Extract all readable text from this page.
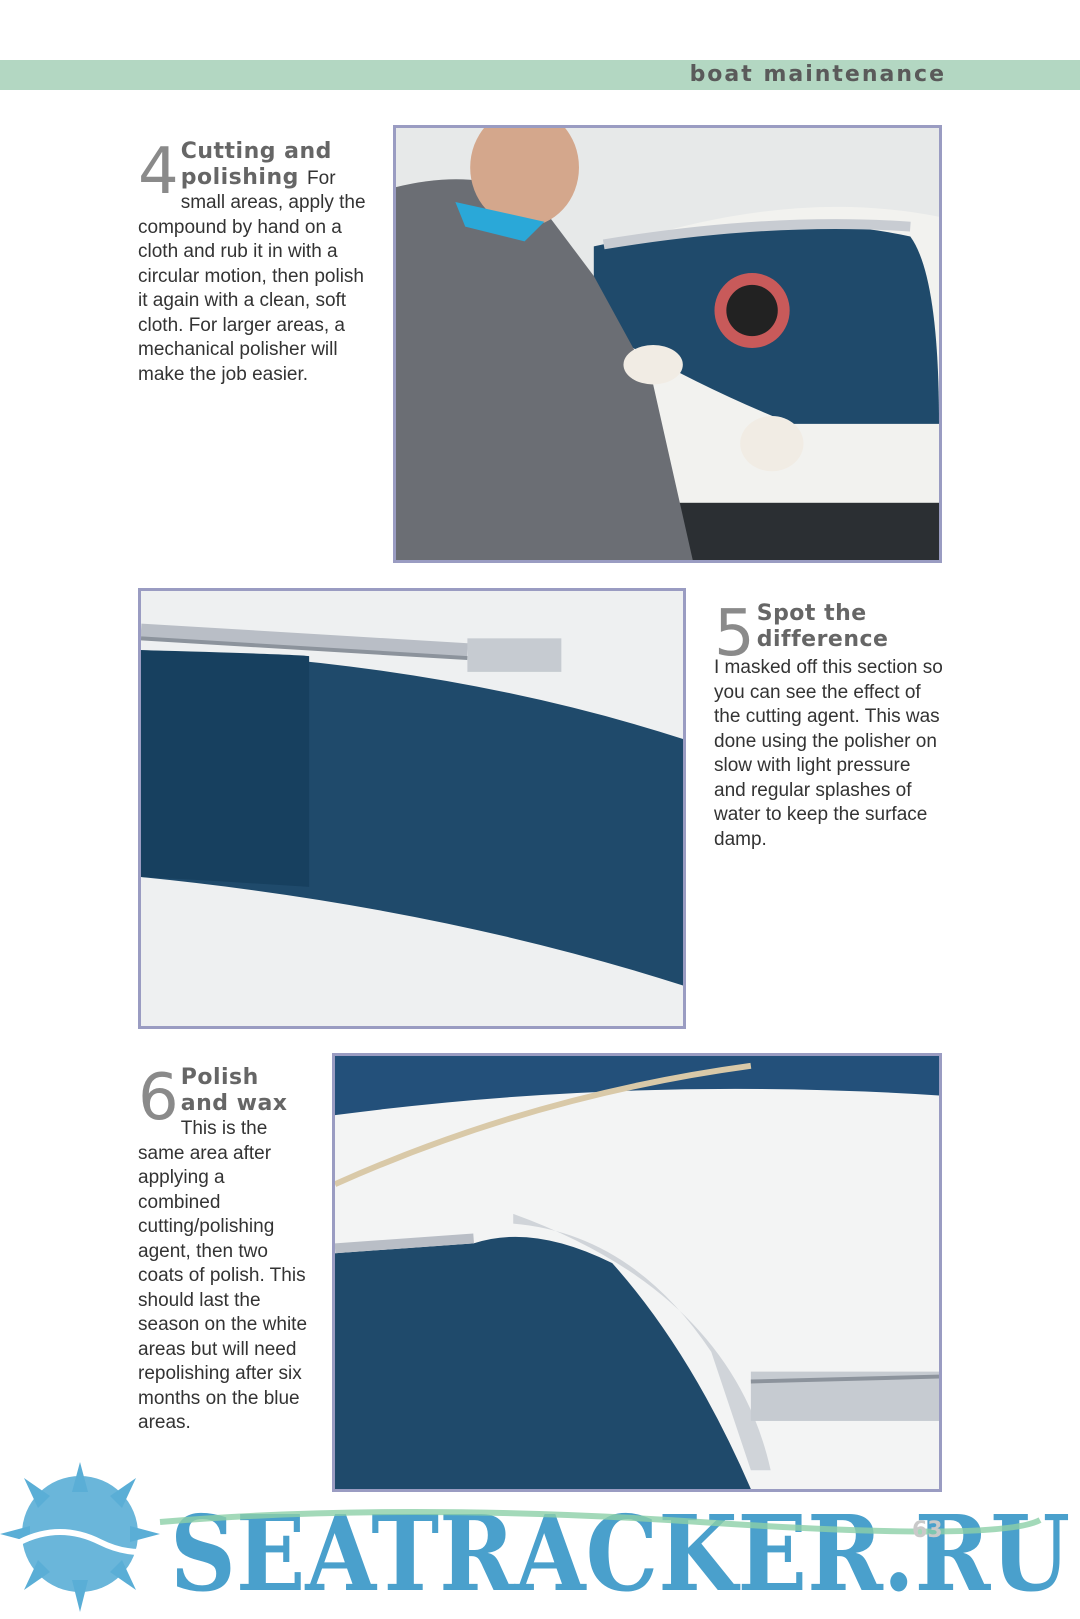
boat maintenance
4 Cutting and polishing For small areas, apply the compound by hand on a cloth and rub it in with a circular motion, then polish it again with a clean, soft cloth. For larger areas, a mechanical polisher will make the job easier.
5 Spot the difference
I masked off this section so you can see the effect of the cutting agent. This was done using the polisher on slow with light pressure and regular splashes of water to keep the surface damp.
6 Polish and wax This is the same area after applying a combined cutting/polishing agent, then two coats of polish. This should last the season on the white areas but will need repolishing after six months on the blue areas.
SEATRACKER.RU
63
